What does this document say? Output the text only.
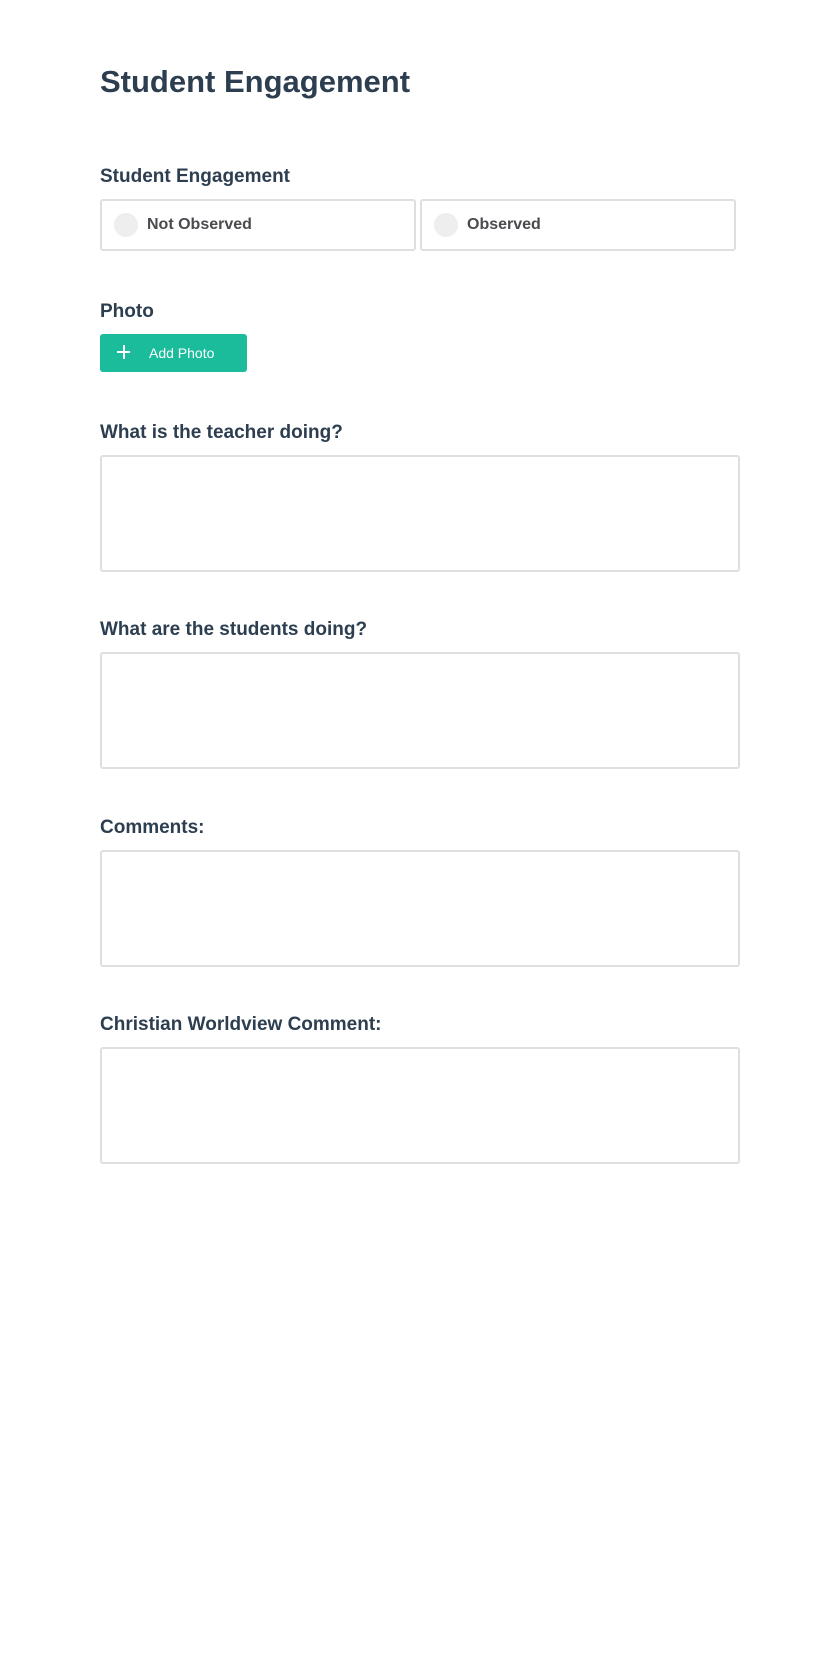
Student Engagement
Student Engagement
Not Observed	Observed
Photo
Add Photo
What is the teacher doing?
What are the students doing?
Comments:
Christian Worldview Comment:
